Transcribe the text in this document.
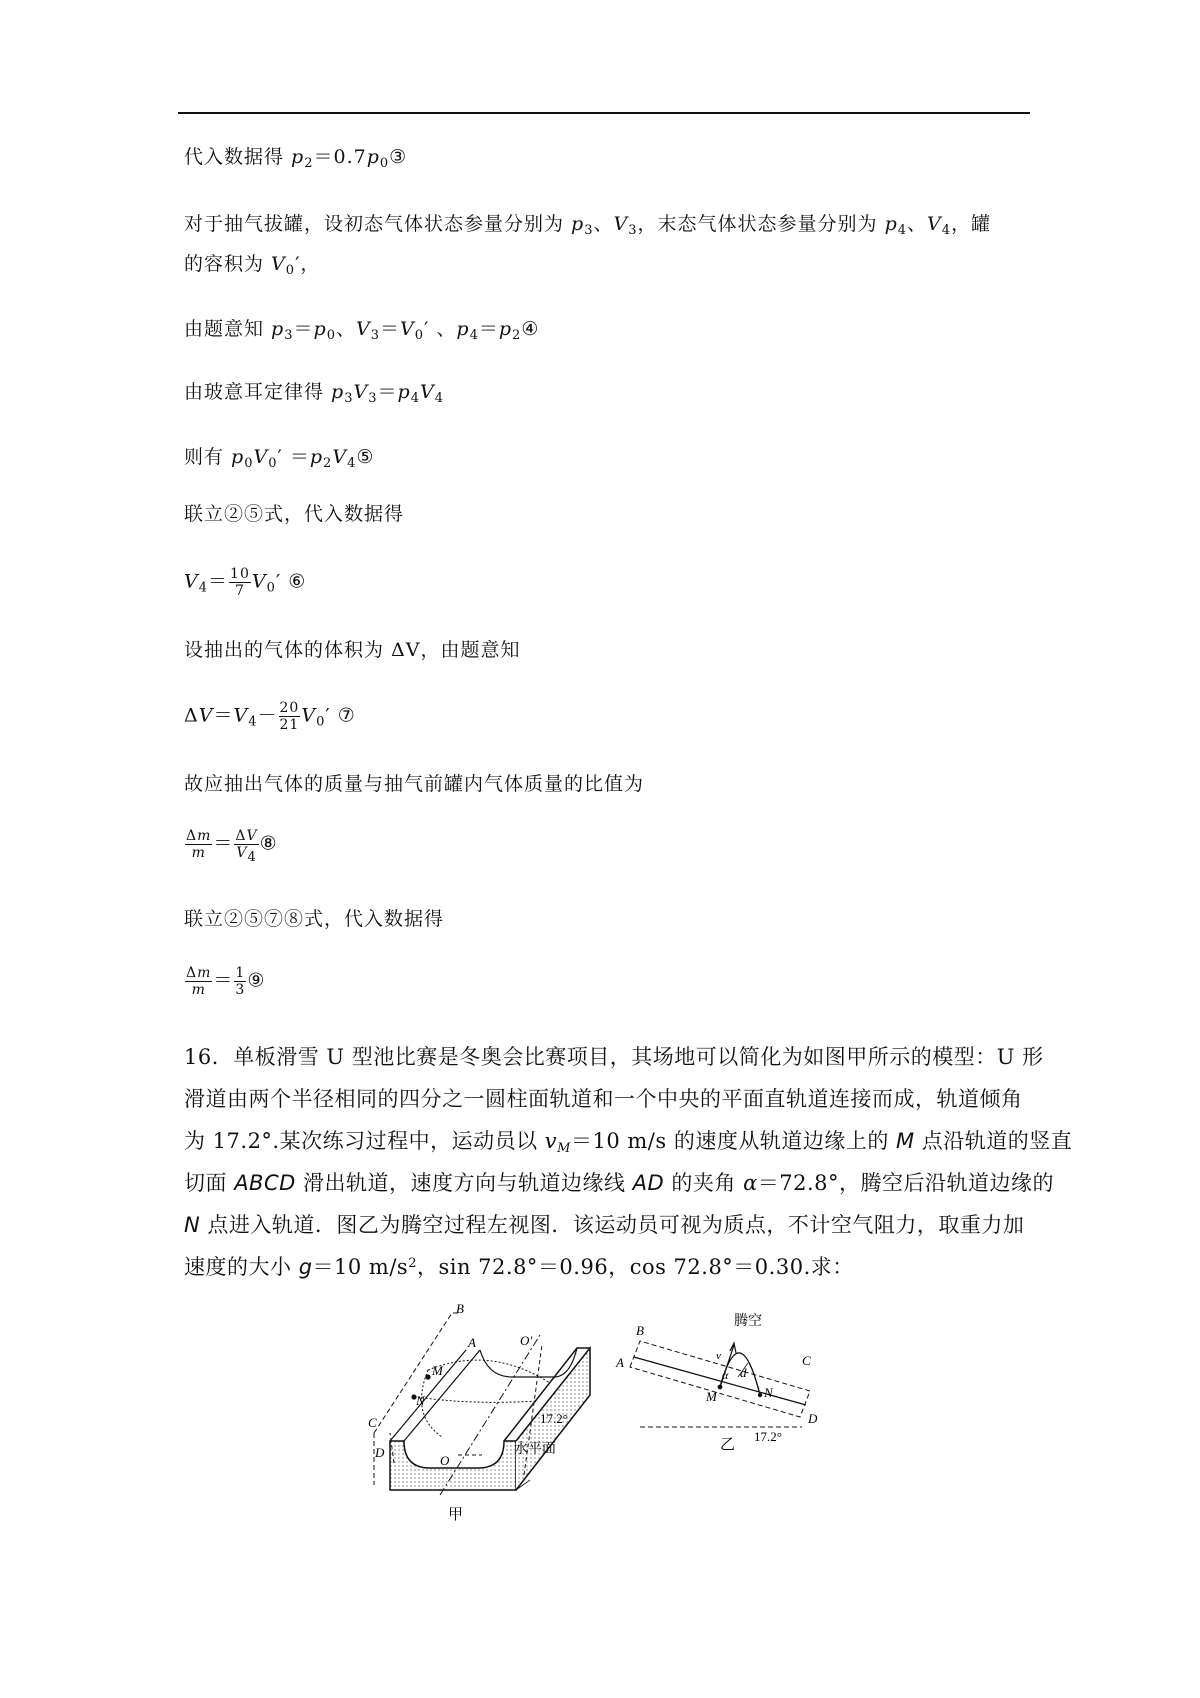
代入数据得 $p_2=0.7p_0③$
对于抽气拔罐，设初态气体状态参量分别为 $p_3$、$V_3$，末态气体状态参量分别为 $p_4$、$V_4$，罐
的容积为 $V_0'$，
由题意知 $p_3=p_0$、$V_3=V_0'$ 、$p_4=p_2④$
由玻意耳定律得 $p_3V_3=p_4V_4$
则有 $p_0V_0'$ $=p_2V_4⑤$
联立②⑤式，代入数据得
$V_4= \frac{10}{7} V_0'$ ⑥
设抽出的气体的体积为 ΔV，由题意知
$\Delta V=V_4- \frac{20}{21} V_0'$ ⑦
故应抽出气体的质量与抽气前罐内气体质量的比值为
$\frac{\Delta m}{m} = \frac{\Delta V}{V_4}$ ⑧
联立②⑤⑦⑧式，代入数据得
$\frac{\Delta m}{m} = \frac{1}{3}$ ⑨
16．单板滑雪 U 型池比赛是冬奥会比赛项目，其场地可以简化为如图甲所示的模型：U 形
滑道由两个半径相同的四分之一圆柱面轨道和一个中央的平面直轨道连接而成，轨道倾角
为 17.2°.某次练习过程中，运动员以 $v_M=10$ m/s 的速度从轨道边缘上的 M 点沿轨道的竖直
切面 ABCD 滑出轨道，速度方向与轨道边缘线 AD 的夹角 α＝72.8°，腾空后沿轨道边缘的
N 点进入轨道．图乙为腾空过程左视图．该运动员可视为质点，不计空气阻力，取重力加
速度的大小 g＝10 $m/s^2$，sin 72.8°＝0.96，cos 72.8°＝0.30.求：
B
A	O'
M
N
C
D
O
17.2°
水平面
甲
B
A
腾空
C
v
α d
M	N
D
17.2°
乙
